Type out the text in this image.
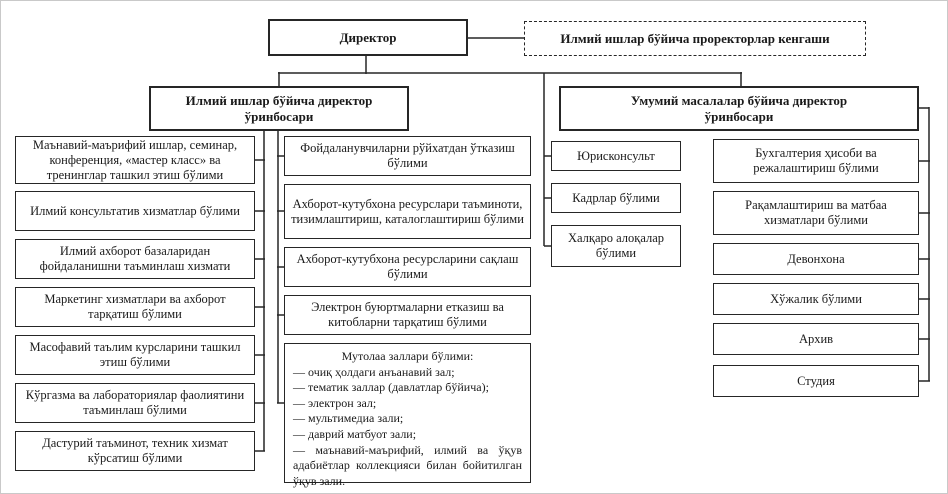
Директор	Илмий ишлар бўйича проректорлар кенгаши
Илмий ишлар бўйича директор ўринбосари
Умумий масалалар бўйича директор ўринбосари
Маънавий-маърифий ишлар, семинар, конференция, «мастер класс» ва тренинглар ташкил этиш бўлими
Илмий консультатив хизматлар бўлими
Илмий ахборот базаларидан фойдаланишни таъминлаш хизмати
Маркетинг хизматлари ва ахборот тарқатиш бўлими
Масофавий таълим курсларини ташкил этиш бўлими
Кўргазма ва лабораториялар фаолиятини таъминлаш бўлими
Дастурий таъминот, техник хизмат кўрсатиш бўлими
Фойдаланувчиларни рўйхатдан ўтказиш бўлими
Ахборот-кутубхона ресурслари таъминоти, тизимлаштириш, каталоглаштириш бўлими
Ахборот-кутубхона ресурсларини сақлаш бўлими
Электрон буюртмаларни етказиш ва китобларни тарқатиш бўлими
Мутолаа заллари бўлими:
— очиқ ҳолдаги анъанавий зал;
— тематик заллар (давлатлар бўйича);
— электрон зал;
— мультимедиа зали;
— даврий матбуот зали;
— маънавий-маърифий, илмий ва ўқув адабиётлар коллекцияси билан бойитилган ўқув зали.
Юрисконсульт
Кадрлар бўлими
Халқаро алоқалар бўлими
Бухгалтерия ҳисоби ва режалаштириш бўлими
Рақамлаштириш ва матбаа хизматлари бўлими
Девонхона
Хўжалик бўлими
Архив
Студия
